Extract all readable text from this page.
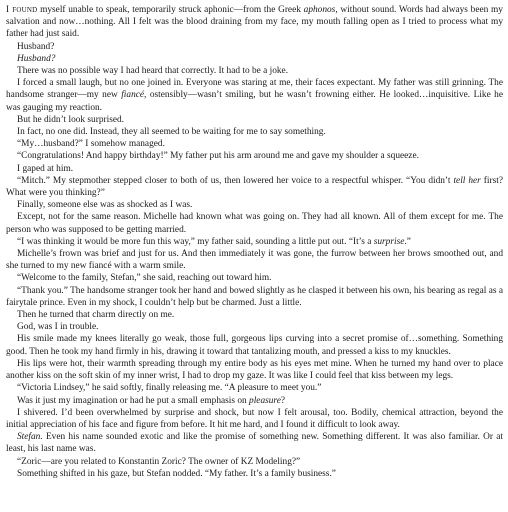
I found myself unable to speak, temporarily struck aphonic—from the Greek aphonos, without sound. Words had always been my salvation and now…nothing. All I felt was the blood draining from my face, my mouth falling open as I tried to process what my father had just said.

Husband?

Husband?

There was no possible way I had heard that correctly. It had to be a joke.

I forced a small laugh, but no one joined in. Everyone was staring at me, their faces expectant. My father was still grinning. The handsome stranger—my new fiancé, ostensibly—wasn’t smiling, but he wasn’t frowning either. He looked…inquisitive. Like he was gauging my reaction.

But he didn’t look surprised.

In fact, no one did. Instead, they all seemed to be waiting for me to say something.

“My…husband?” I somehow managed.

“Congratulations! And happy birthday!” My father put his arm around me and gave my shoulder a squeeze.

I gaped at him.

“Mitch.” My stepmother stepped closer to both of us, then lowered her voice to a respectful whisper. “You didn’t tell her first? What were you thinking?”

Finally, someone else was as shocked as I was.

Except, not for the same reason. Michelle had known what was going on. They had all known. All of them except for me. The person who was supposed to be getting married.

“I was thinking it would be more fun this way,” my father said, sounding a little put out. “It’s a surprise.”

Michelle’s frown was brief and just for us. And then immediately it was gone, the furrow between her brows smoothed out, and she turned to my new fiancé with a warm smile.

“Welcome to the family, Stefan,” she said, reaching out toward him.

“Thank you.” The handsome stranger took her hand and bowed slightly as he clasped it between his own, his bearing as regal as a fairytale prince. Even in my shock, I couldn’t help but be charmed. Just a little.

Then he turned that charm directly on me.

God, was I in trouble.

His smile made my knees literally go weak, those full, gorgeous lips curving into a secret promise of…something. Something good. Then he took my hand firmly in his, drawing it toward that tantalizing mouth, and pressed a kiss to my knuckles.

His lips were hot, their warmth spreading through my entire body as his eyes met mine. When he turned my hand over to place another kiss on the soft skin of my inner wrist, I had to drop my gaze. It was like I could feel that kiss between my legs.

“Victoria Lindsey,” he said softly, finally releasing me. “A pleasure to meet you.”

Was it just my imagination or had he put a small emphasis on pleasure?

I shivered. I’d been overwhelmed by surprise and shock, but now I felt arousal, too. Bodily, chemical attraction, beyond the initial appreciation of his face and figure from before. It hit me hard, and I found it difficult to look away.

Stefan. Even his name sounded exotic and like the promise of something new. Something different. It was also familiar. Or at least, his last name was.

“Zoric—are you related to Konstantin Zoric? The owner of KZ Modeling?”

Something shifted in his gaze, but Stefan nodded. “My father. It’s a family business.”
